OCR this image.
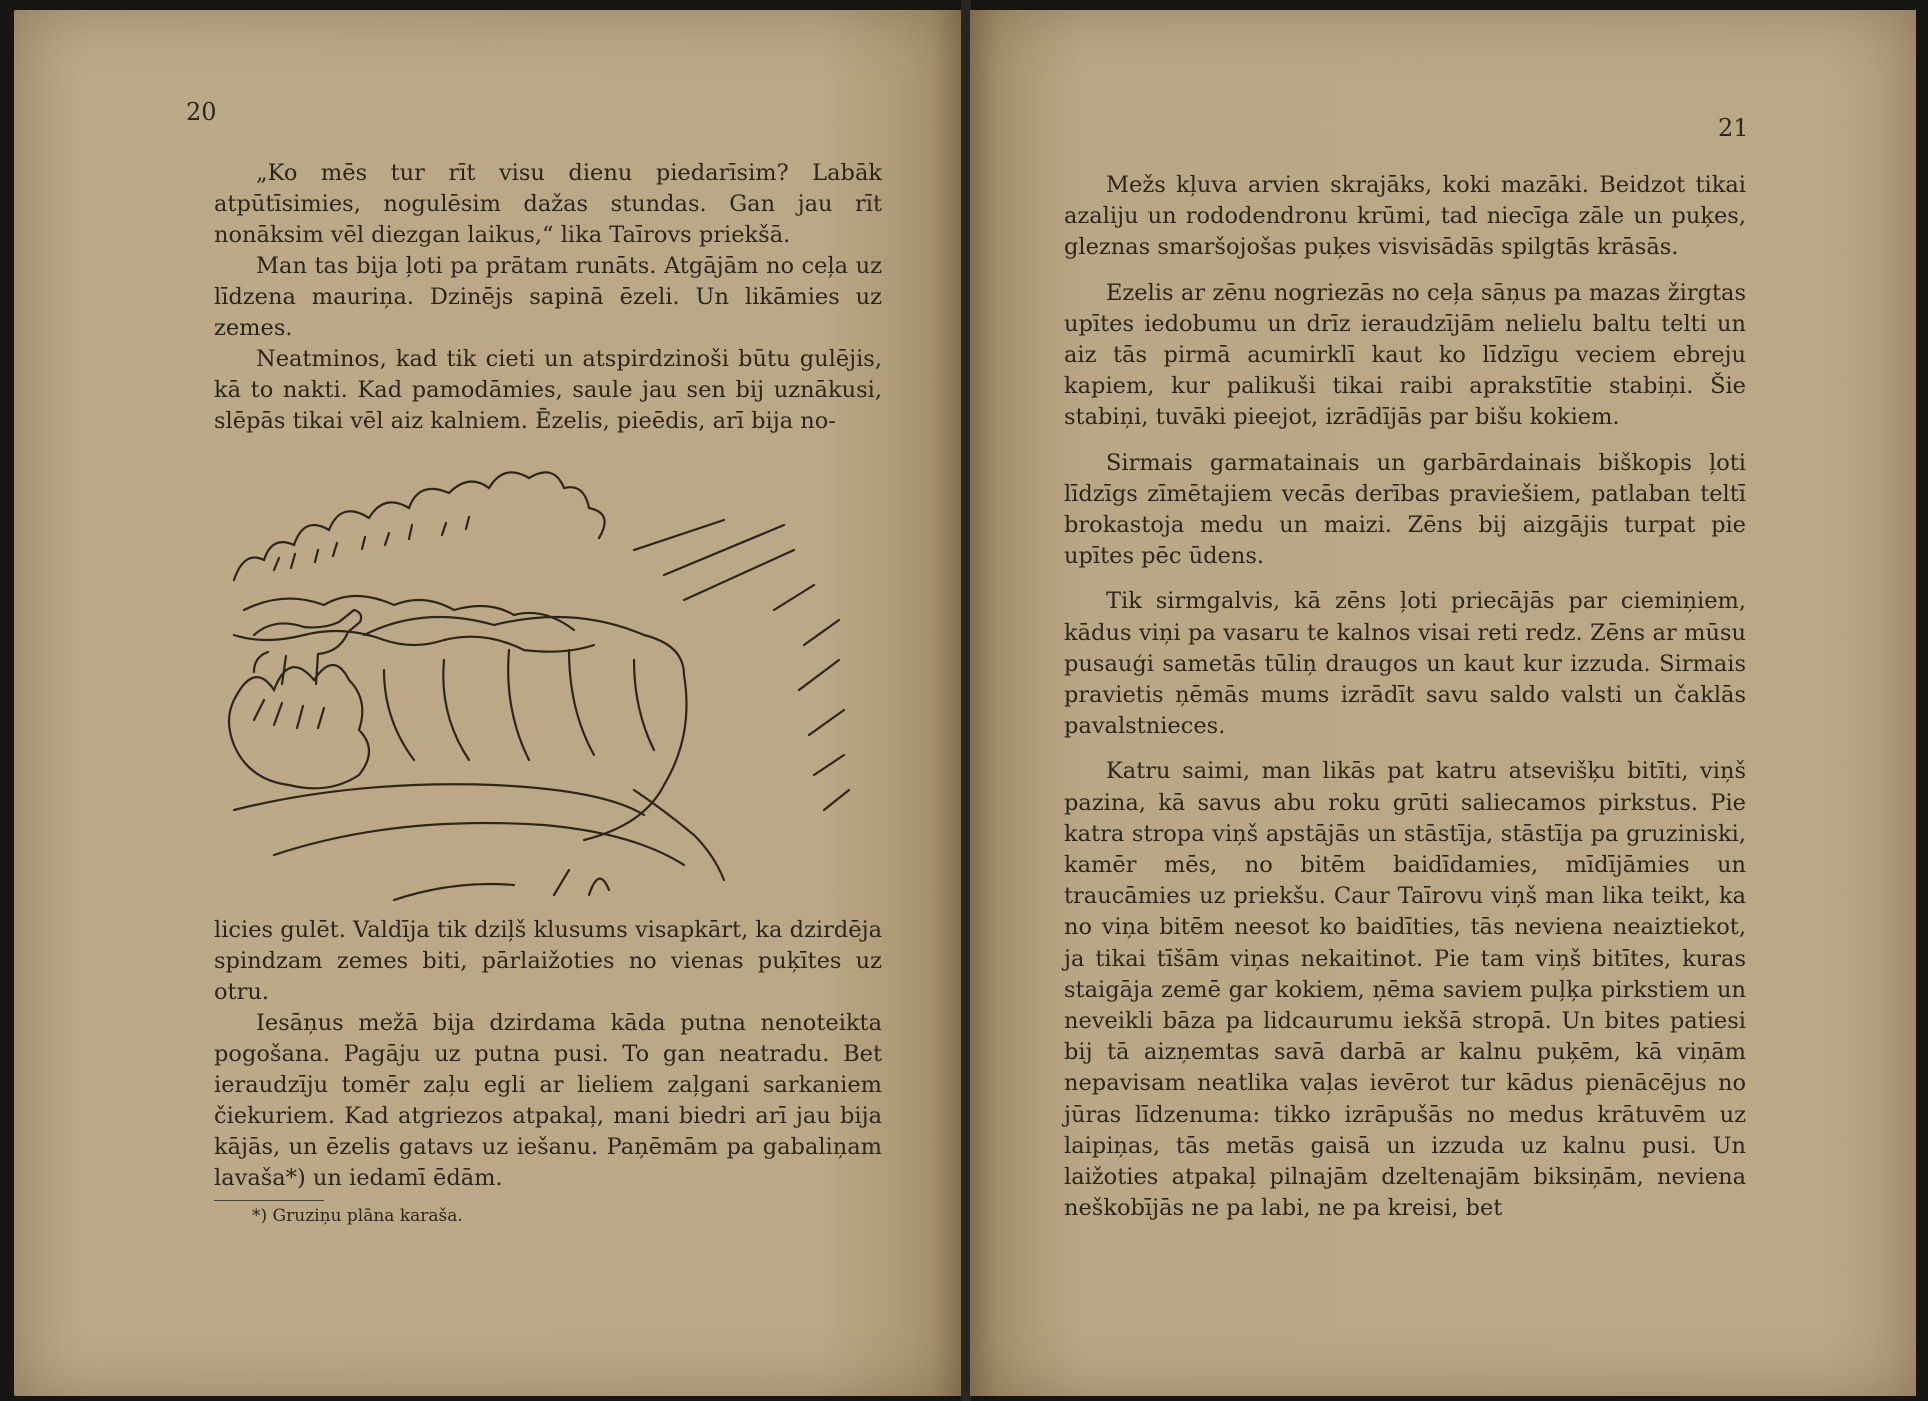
20

„Ko mēs tur rīt visu dienu piedarīsim? Labāk atpūtīsimies, nogulēsim dažas stundas. Gan jau rīt nonāksim vēl diezgan laikus,“ lika Taīrovs priekšā.

Man tas bija ļoti pa prātam runāts. Atgājām no ceļa uz līdzena mauriņa. Dzinējs sapinā ēzeli. Un likāmies uz zemes.

Neatminos, kad tik cieti un atspirdzinoši būtu gulējis, kā to nakti. Kad pamodāmies, saule jau sen bij uznākusi, slēpās tikai vēl aiz kalniem. Ēzelis, pieēdis, arī bija no-

licies gulēt. Valdīja tik dziļš klusums visapkārt, ka dzirdēja spindzam zemes biti, pārlaižoties no vienas puķītes uz otru.

Iesāņus mežā bija dzirdama kāda putna nenoteikta pogošana. Pagāju uz putna pusi. To gan neatradu. Bet ieraudzīju tomēr zaļu egli ar lieliem zaļgani sarkaniem čiekuriem. Kad atgriezos atpakaļ, mani biedri arī jau bija kājās, un ēzelis gatavs uz iešanu. Paņēmām pa gabaliņam lavaša*) un iedamī ēdām.

*) Gruziņu plāna karaša.
21

Mežs kļuva arvien skrajāks, koki mazāki. Beidzot tikai azaliju un rododendronu krūmi, tad niecīga zāle un puķes, gleznas smaršojošas puķes visvisādās spilgtās krāsās.

Ezelis ar zēnu nogriezās no ceļa sāņus pa mazas žirgtas upītes iedobumu un drīz ieraudzījām nelielu baltu telti un aiz tās pirmā acumirklī kaut ko līdzīgu veciem ebreju kapiem, kur palikuši tikai raibi aprakstītie stabiņi. Šie stabiņi, tuvāki pieejot, izrādījās par bišu kokiem.

Sirmais garmatainais un garbārdainais biškopis ļoti līdzīgs zīmētajiem vecās derības praviešiem, patlaban teltī brokastoja medu un maizi. Zēns bij aizgājis turpat pie upītes pēc ūdens.

Tik sirmgalvis, kā zēns ļoti priecājās par ciemiņiem, kādus viņi pa vasaru te kalnos visai reti redz. Zēns ar mūsu pusauģi sametās tūliņ draugos un kaut kur izzuda. Sirmais pravietis ņēmās mums izrādīt savu saldo valsti un čaklās pavalstnieces.

Katru saimi, man likās pat katru atsevišķu bitīti, viņš pazina, kā savus abu roku grūti saliecamos pirkstus. Pie katra stropa viņš apstājās un stāstīja, stāstīja pa gruziniski, kamēr mēs, no bitēm baidīdamies, mīdījāmies un traucāmies uz priekšu. Caur Taīrovu viņš man lika teikt, ka no viņa bitēm neesot ko baidīties, tās neviena neaiztiekot, ja tikai tīšām viņas nekaitinot. Pie tam viņš bitītes, kuras staigāja zemē gar kokiem, ņēma saviem puļķa pirkstiem un neveikli bāza pa lidcaurumu iekšā stropā. Un bites patiesi bij tā aizņemtas savā darbā ar kalnu puķēm, kā viņām nepavisam neatlika vaļas ievērot tur kādus pienācējus no jūras līdzenuma: tikko izrāpušās no medus krātuvēm uz laipiņas, tās metās gaisā un izzuda uz kalnu pusi. Un laižoties atpakaļ pilnajām dzeltenajām biksiņām, neviena neškobījās ne pa labi, ne pa kreisi, bet
